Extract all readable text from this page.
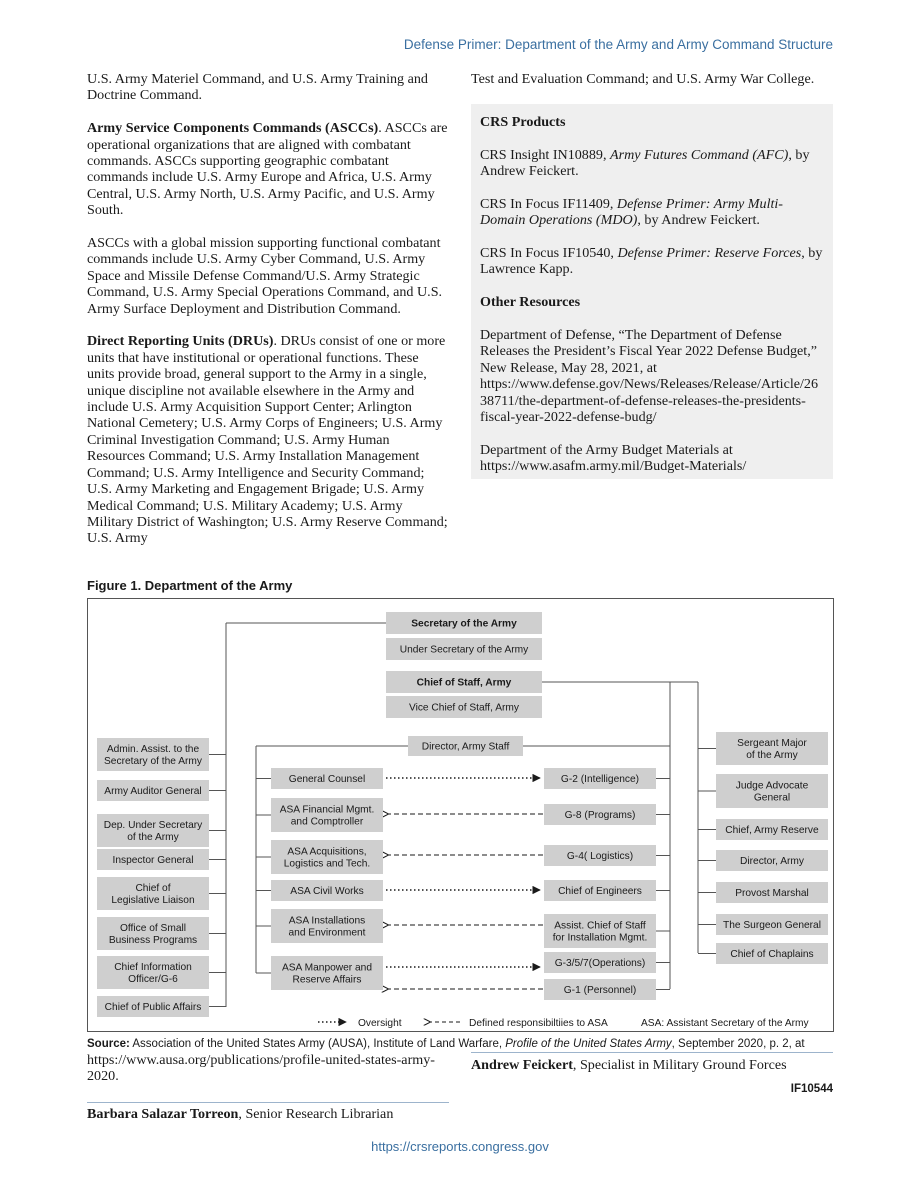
Defense Primer: Department of the Army and Army Command Structure

U.S. Army Materiel Command, and U.S. Army Training and Doctrine Command.

Army Service Components Commands (ASCCs). ASCCs are operational organizations that are aligned with combatant commands. ASCCs supporting geographic combatant commands include U.S. Army Europe and Africa, U.S. Army Central, U.S. Army North, U.S. Army Pacific, and U.S. Army South.

ASCCs with a global mission supporting functional combatant commands include U.S. Army Cyber Command, U.S. Army Space and Missile Defense Command/U.S. Army Strategic Command, U.S. Army Special Operations Command, and U.S. Army Surface Deployment and Distribution Command.

Direct Reporting Units (DRUs). DRUs consist of one or more units that have institutional or operational functions. These units provide broad, general support to the Army in a single, unique discipline not available elsewhere in the Army and include U.S. Army Acquisition Support Center; Arlington National Cemetery; U.S. Army Corps of Engineers; U.S. Army Criminal Investigation Command; U.S. Army Human Resources Command; U.S. Army Installation Management Command; U.S. Army Intelligence and Security Command; U.S. Army Marketing and Engagement Brigade; U.S. Army Medical Command; U.S. Military Academy; U.S. Army Military District of Washington; U.S. Army Reserve Command; U.S. Army

Test and Evaluation Command; and U.S. Army War College.

CRS Products

CRS Insight IN10889, Army Futures Command (AFC), by Andrew Feickert.

CRS In Focus IF11409, Defense Primer: Army Multi-Domain Operations (MDO), by Andrew Feickert.

CRS In Focus IF10540, Defense Primer: Reserve Forces, by Lawrence Kapp.

Other Resources

Department of Defense, “The Department of Defense Releases the President’s Fiscal Year 2022 Defense Budget,” New Release, May 28, 2021, at https://www.defense.gov/News/Releases/Release/Article/2638711/the-department-of-defense-releases-the-presidents-fiscal-year-2022-defense-budg/

Department of the Army Budget Materials at https://www.asafm.army.mil/Budget-Materials/

Figure 1. Department of the Army
Secretary of the Army
Under Secretary of the Army
Chief of Staff, Army
Vice Chief of Staff, Army
Director, Army Staff
Admin. Assist. to the
Secretary of the Army
Army Auditor General
Dep. Under Secretary
of the Army
Inspector General
Chief of
Legislative Liaison
Office of Small
Business Programs
Chief Information
Officer/G-6
Chief of Public Affairs
General Counsel
ASA Financial Mgmt.
and Comptroller
ASA Acquisitions,
Logistics and Tech.
ASA Civil Works
ASA Installations
and Environment
ASA Manpower and
Reserve Affairs
G-2 (Intelligence)
G-8 (Programs)
G-4( Logistics)
Chief of Engineers
Assist. Chief of Staff
for Installation Mgmt.
G-3/5/7(Operations)
G-1 (Personnel)
Sergeant Major
of the Army
Judge Advocate
General
Chief, Army Reserve
Director, Army
Provost Marshal
The Surgeon General
Chief of Chaplains
Oversight	Defined responsibiltiies to ASA	ASA: Assistant Secretary of the Army
Source: Association of the United States Army (AUSA), Institute of Land Warfare, Profile of the United States Army, September 2020, p. 2, at
https://www.ausa.org/publications/profile-united-states-army-2020.
Andrew Feickert, Specialist in Military Ground Forces
IF10544
Barbara Salazar Torreon, Senior Research Librarian
https://crsreports.congress.gov
